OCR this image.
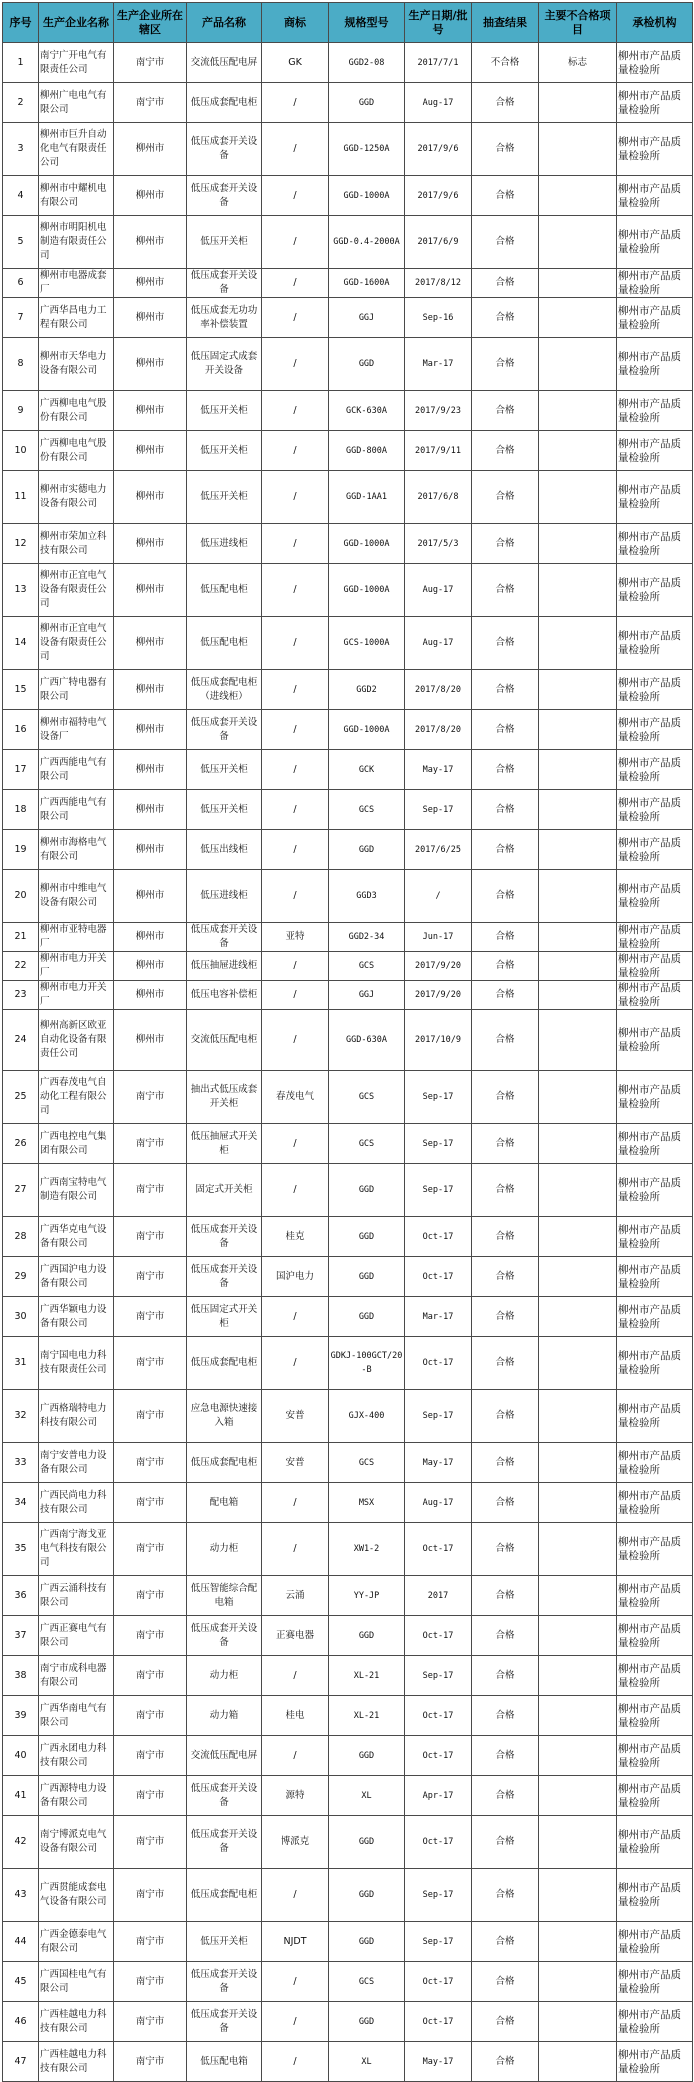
序号	生产企业名称	生产企业所在辖区	产品名称	商标	规格型号	生产日期/批号	抽查结果	主要不合格项目	承检机构
1	南宁广开电气有限责任公司	南宁市	交流低压配电屏	GK	GGD2-08	2017/7/1	不合格	标志	柳州市产品质量检验所
2	柳州广电电气有限公司	南宁市	低压成套配电柜	/	GGD	Aug-17	合格		柳州市产品质量检验所
3	柳州市巨升自动化电气有限责任公司	柳州市	低压成套开关设备	/	GGD-1250A	2017/9/6	合格		柳州市产品质量检验所
4	柳州市中耀机电有限公司	柳州市	低压成套开关设备	/	GGD-1000A	2017/9/6	合格		柳州市产品质量检验所
5	柳州市明阳机电制造有限责任公司	柳州市	低压开关柜	/	GGD-0.4-2000A	2017/6/9	合格		柳州市产品质量检验所
6	柳州市电器成套厂	柳州市	低压成套开关设备	/	GGD-1600A	2017/8/12	合格		柳州市产品质量检验所
7	广西华昌电力工程有限公司	柳州市	低压成套无功功率补偿装置	/	GGJ	Sep-16	合格		柳州市产品质量检验所
8	柳州市天华电力设备有限公司	柳州市	低压固定式成套开关设备	/	GGD	Mar-17	合格		柳州市产品质量检验所
9	广西柳电电气股份有限公司	柳州市	低压开关柜	/	GCK-630A	2017/9/23	合格		柳州市产品质量检验所
10	广西柳电电气股份有限公司	柳州市	低压开关柜	/	GGD-800A	2017/9/11	合格		柳州市产品质量检验所
11	柳州市实德电力设备有限公司	柳州市	低压开关柜	/	GGD-1AA1	2017/6/8	合格		柳州市产品质量检验所
12	柳州市荣加立科技有限公司	柳州市	低压进线柜	/	GGD-1000A	2017/5/3	合格		柳州市产品质量检验所
13	柳州市正宜电气设备有限责任公司	柳州市	低压配电柜	/	GGD-1000A	Aug-17	合格		柳州市产品质量检验所
14	柳州市正宜电气设备有限责任公司	柳州市	低压配电柜	/	GCS-1000A	Aug-17	合格		柳州市产品质量检验所
15	广西广特电器有限公司	柳州市	低压成套配电柜（进线柜）	/	GGD2	2017/8/20	合格		柳州市产品质量检验所
16	柳州市福特电气设备厂	柳州市	低压成套开关设备	/	GGD-1000A	2017/8/20	合格		柳州市产品质量检验所
17	广西西能电气有限公司	柳州市	低压开关柜	/	GCK	May-17	合格		柳州市产品质量检验所
18	广西西能电气有限公司	柳州市	低压开关柜	/	GCS	Sep-17	合格		柳州市产品质量检验所
19	柳州市海格电气有限公司	柳州市	低压出线柜	/	GGD	2017/6/25	合格		柳州市产品质量检验所
20	柳州市中维电气设备有限公司	柳州市	低压进线柜	/	GGD3	/	合格		柳州市产品质量检验所
21	柳州市亚特电器厂	柳州市	低压成套开关设备	亚特	GGD2-34	Jun-17	合格		柳州市产品质量检验所
22	柳州市电力开关厂	柳州市	低压抽屉进线柜	/	GCS	2017/9/20	合格		柳州市产品质量检验所
23	柳州市电力开关厂	柳州市	低压电容补偿柜	/	GGJ	2017/9/20	合格		柳州市产品质量检验所
24	柳州高新区欧亚自动化设备有限责任公司	柳州市	交流低压配电柜	/	GGD-630A	2017/10/9	合格		柳州市产品质量检验所
25	广西春茂电气自动化工程有限公司	南宁市	抽出式低压成套开关柜	春茂电气	GCS	Sep-17	合格		柳州市产品质量检验所
26	广西电控电气集团有限公司	南宁市	低压抽屉式开关柜	/	GCS	Sep-17	合格		柳州市产品质量检验所
27	广西南宝特电气制造有限公司	南宁市	固定式开关柜	/	GGD	Sep-17	合格		柳州市产品质量检验所
28	广西华克电气设备有限公司	南宁市	低压成套开关设备	桂克	GGD	Oct-17	合格		柳州市产品质量检验所
29	广西国沪电力设备有限公司	南宁市	低压成套开关设备	国沪电力	GGD	Oct-17	合格		柳州市产品质量检验所
30	广西华颖电力设备有限公司	南宁市	低压固定式开关柜	/	GGD	Mar-17	合格		柳州市产品质量检验所
31	南宁国电电力科技有限责任公司	南宁市	低压成套配电柜	/	GDKJ-100GCT/20-B	Oct-17	合格		柳州市产品质量检验所
32	广西格瑞特电力科技有限公司	南宁市	应急电源快速接入箱	安普	GJX-400	Sep-17	合格		柳州市产品质量检验所
33	南宁安普电力设备有限公司	南宁市	低压成套配电柜	安普	GCS	May-17	合格		柳州市产品质量检验所
34	广西民尚电力科技有限公司	南宁市	配电箱	/	MSX	Aug-17	合格		柳州市产品质量检验所
35	广西南宁海戈亚电气科技有限公司	南宁市	动力柜	/	XW1-2	Oct-17	合格		柳州市产品质量检验所
36	广西云涌科技有限公司	南宁市	低压智能综合配电箱	云涌	YY-JP	2017	合格		柳州市产品质量检验所
37	广西正赛电气有限公司	南宁市	低压成套开关设备	正赛电器	GGD	Oct-17	合格		柳州市产品质量检验所
38	南宁市成科电器有限公司	南宁市	动力柜	/	XL-21	Sep-17	合格		柳州市产品质量检验所
39	广西华南电气有限公司	南宁市	动力箱	桂电	XL-21	Oct-17	合格		柳州市产品质量检验所
40	广西永团电力科技有限公司	南宁市	交流低压配电屏	/	GGD	Oct-17	合格		柳州市产品质量检验所
41	广西源特电力设备有限公司	南宁市	低压成套开关设备	源特	XL	Apr-17	合格		柳州市产品质量检验所
42	南宁博派克电气设备有限公司	南宁市	低压成套开关设备	博派克	GGD	Oct-17	合格		柳州市产品质量检验所
43	广西贯能成套电气设备有限公司	南宁市	低压成套配电柜	/	GGD	Sep-17	合格		柳州市产品质量检验所
44	广西金德泰电气有限公司	南宁市	低压开关柜	NJDT	GGD	Sep-17	合格		柳州市产品质量检验所
45	广西国桂电气有限公司	南宁市	低压成套开关设备	/	GCS	Oct-17	合格		柳州市产品质量检验所
46	广西桂越电力科技有限公司	南宁市	低压成套开关设备	/	GGD	Oct-17	合格		柳州市产品质量检验所
47	广西桂越电力科技有限公司	南宁市	低压配电箱	/	XL	May-17	合格		柳州市产品质量检验所
